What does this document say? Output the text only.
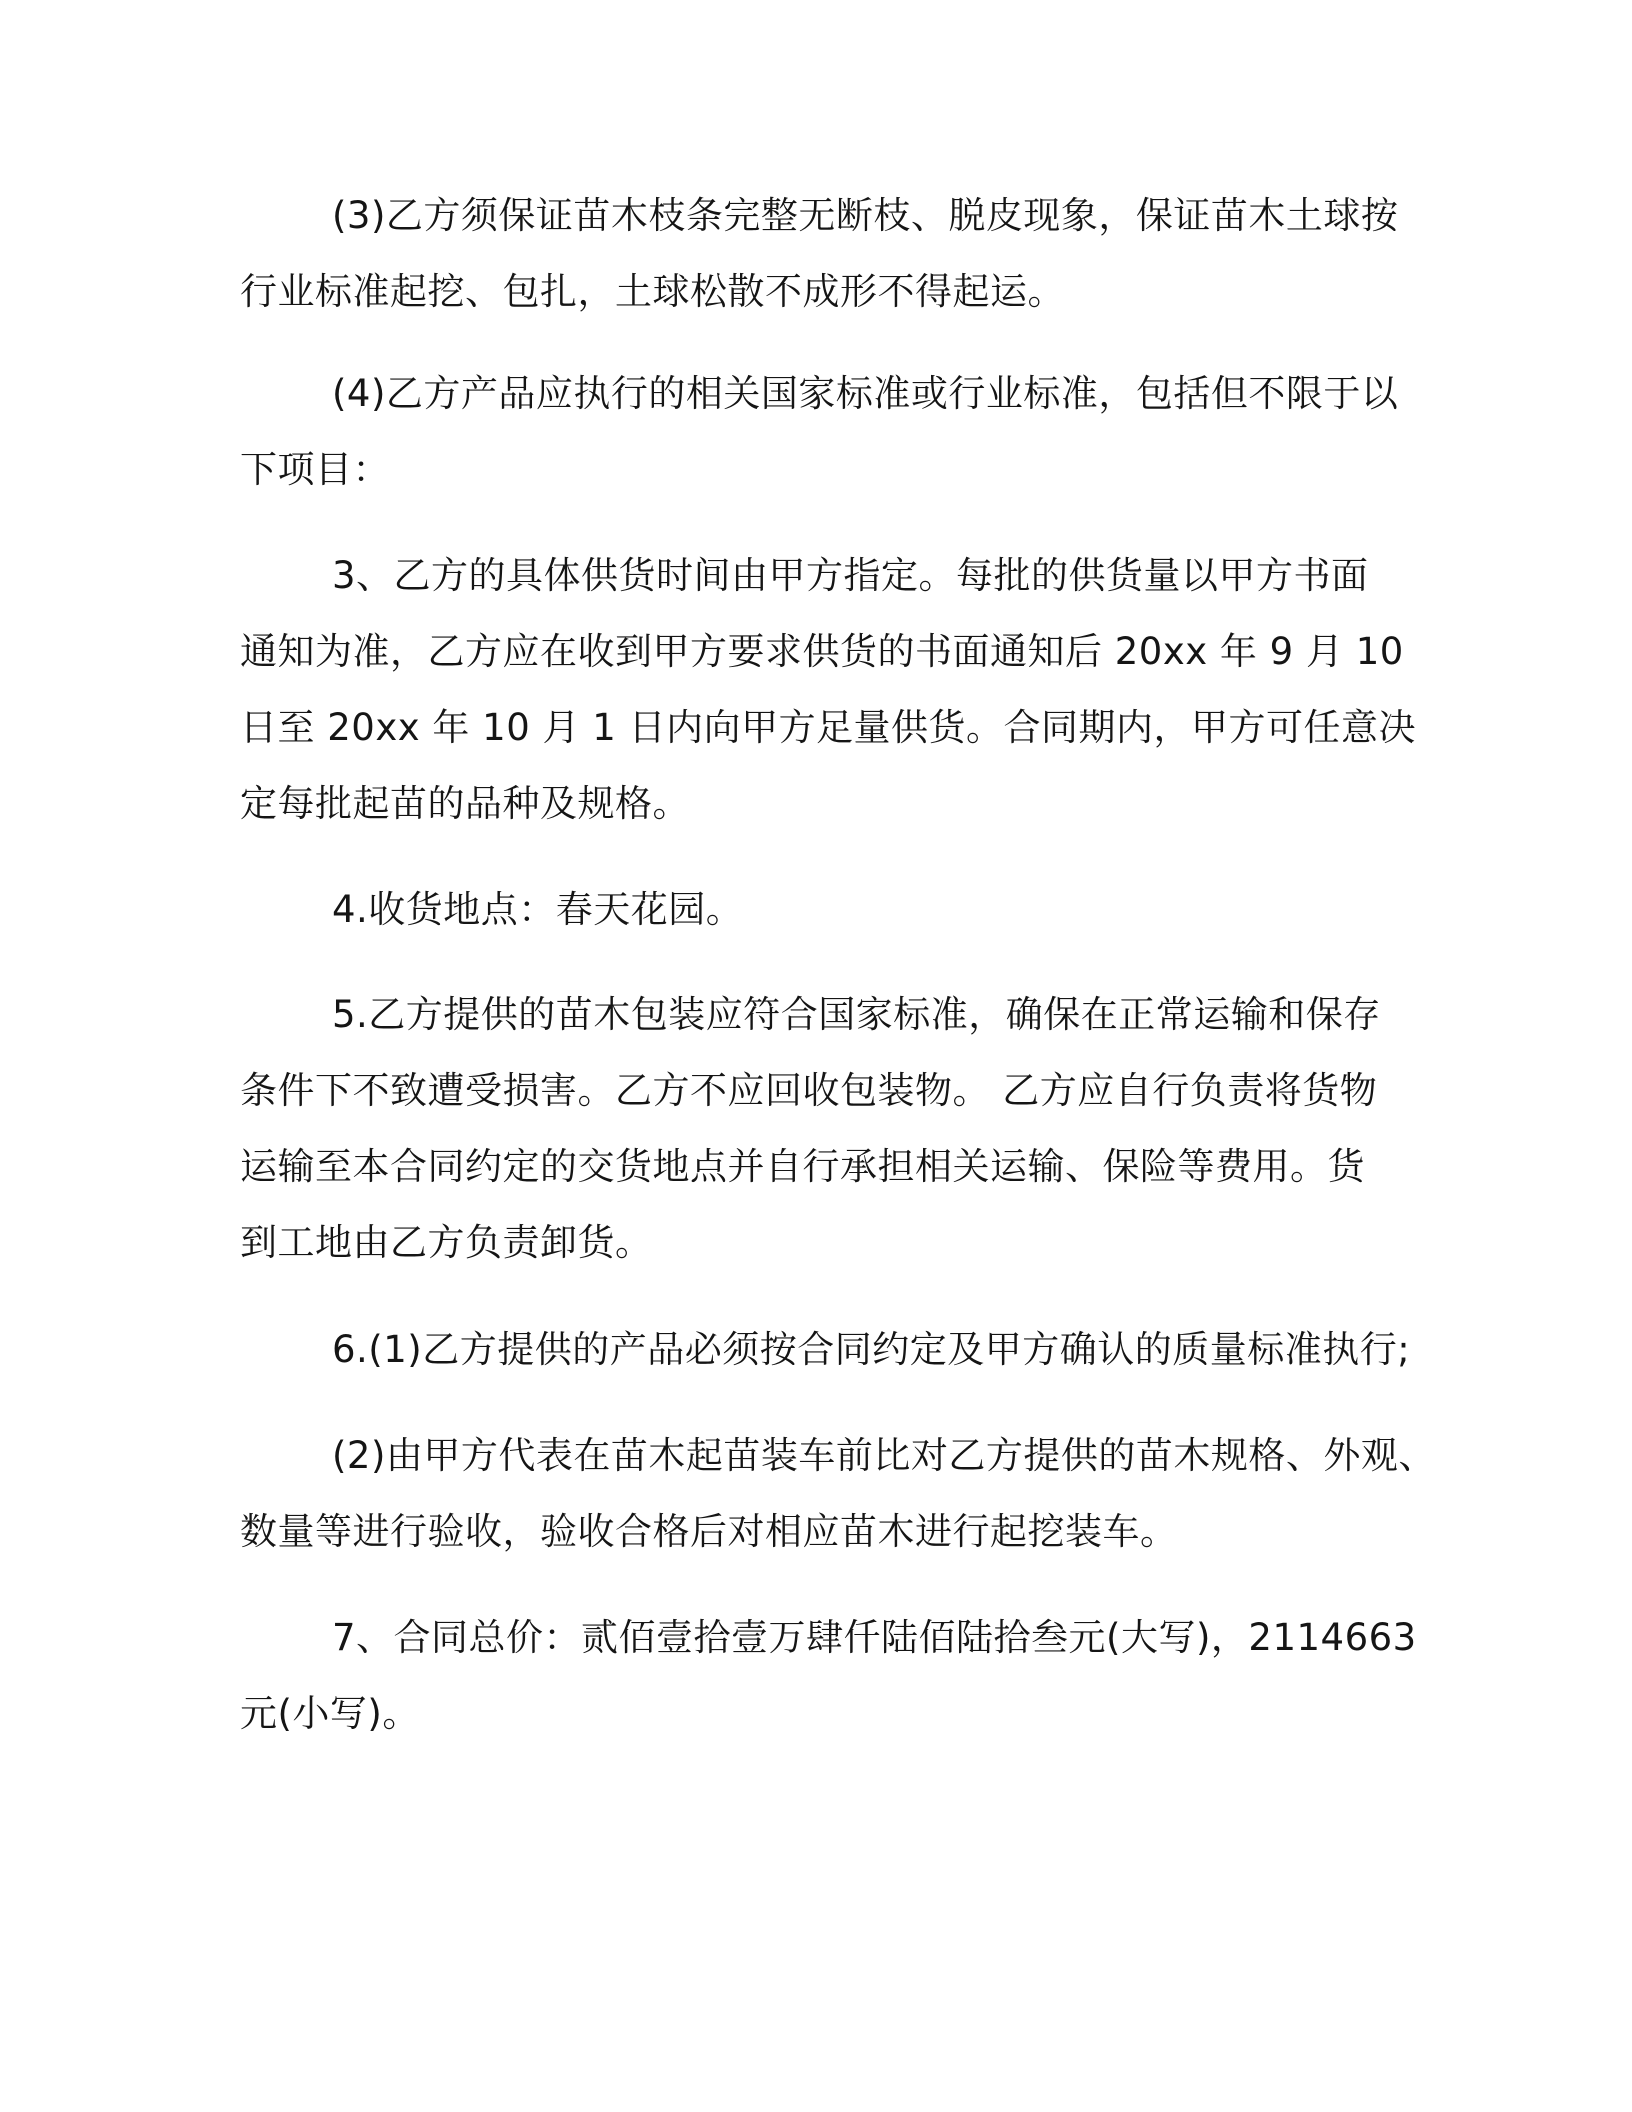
(3)乙方须保证苗木枝条完整无断枝、脱皮现象，保证苗木土球按
行业标准起挖、包扎，土球松散不成形不得起运。
(4)乙方产品应执行的相关国家标准或行业标准，包括但不限于以
下项目：
3、乙方的具体供货时间由甲方指定。每批的供货量以甲方书面
通知为准，乙方应在收到甲方要求供货的书面通知后 20xx 年 9 月 10
日至 20xx 年 10 月 1 日内向甲方足量供货。合同期内，甲方可任意决
定每批起苗的品种及规格。
4.收货地点：春天花园。
5.乙方提供的苗木包装应符合国家标准，确保在正常运输和保存
条件下不致遭受损害。乙方不应回收包装物。 乙方应自行负责将货物
运输至本合同约定的交货地点并自行承担相关运输、保险等费用。货
到工地由乙方负责卸货。
6.(1)乙方提供的产品必须按合同约定及甲方确认的质量标准执行;
(2)由甲方代表在苗木起苗装车前比对乙方提供的苗木规格、外观、
数量等进行验收，验收合格后对相应苗木进行起挖装车。
7、合同总价：贰佰壹拾壹万肆仟陆佰陆拾叁元(大写)，2114663
元(小写)。
